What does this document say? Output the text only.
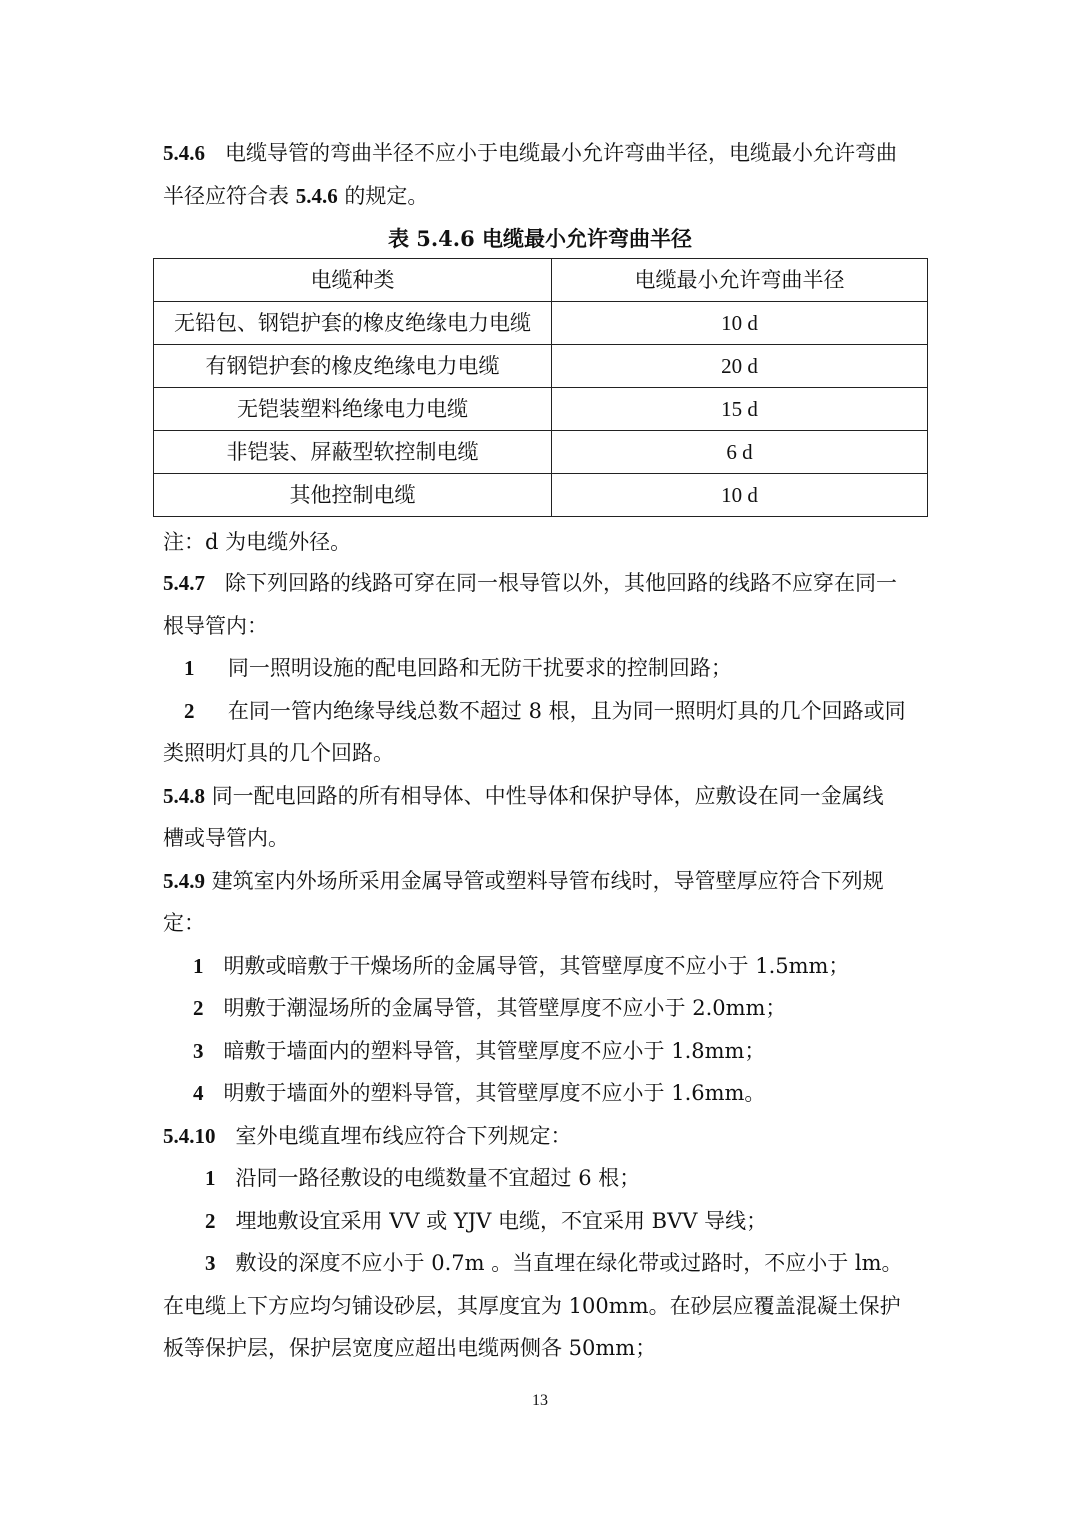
5.4.6 电缆导管的弯曲半径不应小于电缆最小允许弯曲半径，电缆最小允许弯曲
半径应符合表 5.4.6 的规定。
表 5.4.6 电缆最小允许弯曲半径
电缆种类	电缆最小允许弯曲半径
无铅包、钢铠护套的橡皮绝缘电力电缆	10 d
有钢铠护套的橡皮绝缘电力电缆	20 d
无铠装塑料绝缘电力电缆	15 d
非铠装、屏蔽型软控制电缆	6 d
其他控制电缆	10 d
注：d 为电缆外径。
5.4.7 除下列回路的线路可穿在同一根导管以外，其他回路的线路不应穿在同一
根导管内：
1 同一照明设施的配电回路和无防干扰要求的控制回路；
2 在同一管内绝缘导线总数不超过 8 根，且为同一照明灯具的几个回路或同
类照明灯具的几个回路。
5.4.8 同一配电回路的所有相导体、中性导体和保护导体，应敷设在同一金属线
槽或导管内。
5.4.9 建筑室内外场所采用金属导管或塑料导管布线时，导管壁厚应符合下列规
定：
1 明敷或暗敷于干燥场所的金属导管，其管壁厚度不应小于 1.5mm；
2 明敷于潮湿场所的金属导管，其管壁厚度不应小于 2.0mm；
3 暗敷于墙面内的塑料导管，其管壁厚度不应小于 1.8mm；
4 明敷于墙面外的塑料导管，其管壁厚度不应小于 1.6mm。
5.4.10 室外电缆直埋布线应符合下列规定：
1 沿同一路径敷设的电缆数量不宜超过 6 根；
2 埋地敷设宜采用 VV 或 YJV 电缆，不宜采用 BVV 导线；
3 敷设的深度不应小于 0.7m 。当直埋在绿化带或过路时，不应小于 lm。
在电缆上下方应均匀铺设砂层，其厚度宜为 100mm。在砂层应覆盖混凝土保护
板等保护层，保护层宽度应超出电缆两侧各 50mm；
13
